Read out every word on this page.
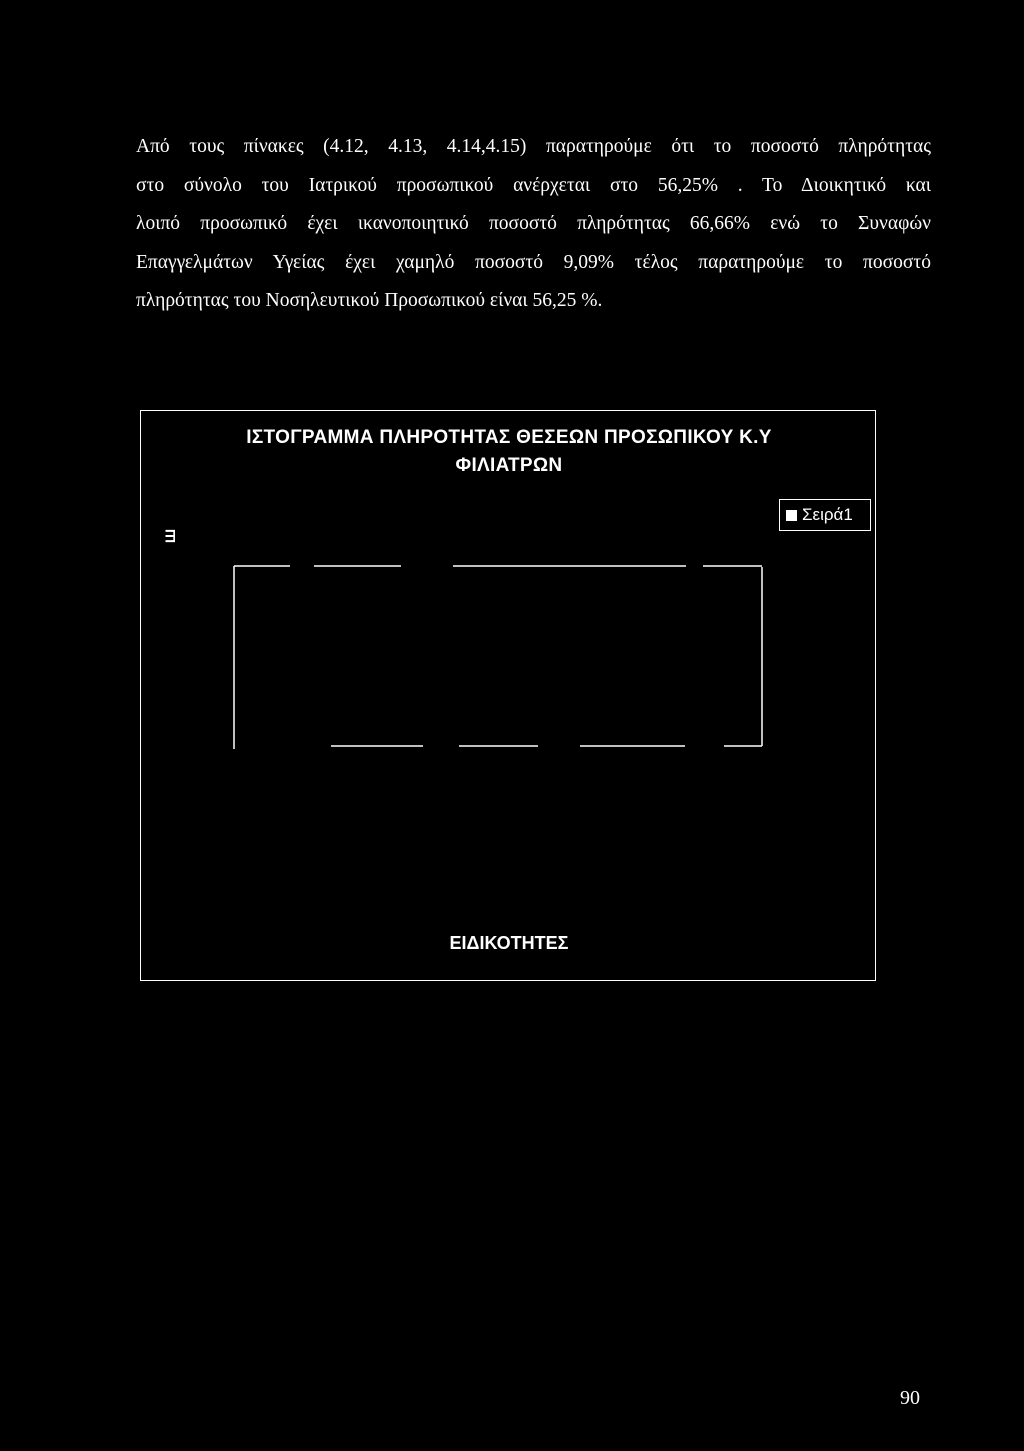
Από τους πίνακες (4.12, 4.13, 4.14,4.15) παρατηρούμε ότι το ποσοστό πληρότητας
στο σύνολο του Ιατρικού προσωπικού ανέρχεται στο 56,25% . Το Διοικητικό και
λοιπό προσωπικό έχει ικανοποιητικό ποσοστό πληρότητας 66,66% ενώ το Συναφών
Επαγγελμάτων Υγείας έχει χαμηλό ποσοστό 9,09% τέλος παρατηρούμε το ποσοστό
πληρότητας του Νοσηλευτικού Προσωπικού είναι 56,25 %.
ΙΣΤΟΓΡΑΜΜΑ ΠΛΗΡΟΤΗΤΑΣ ΘΕΣΕΩΝ ΠΡΟΣΩΠΙΚΟΥ Κ.Υ
ΦΙΛΙΑΤΡΩΝ
Ш
Σειρά1
ΕΙΔΙΚΟΤΗΤΕΣ
90
